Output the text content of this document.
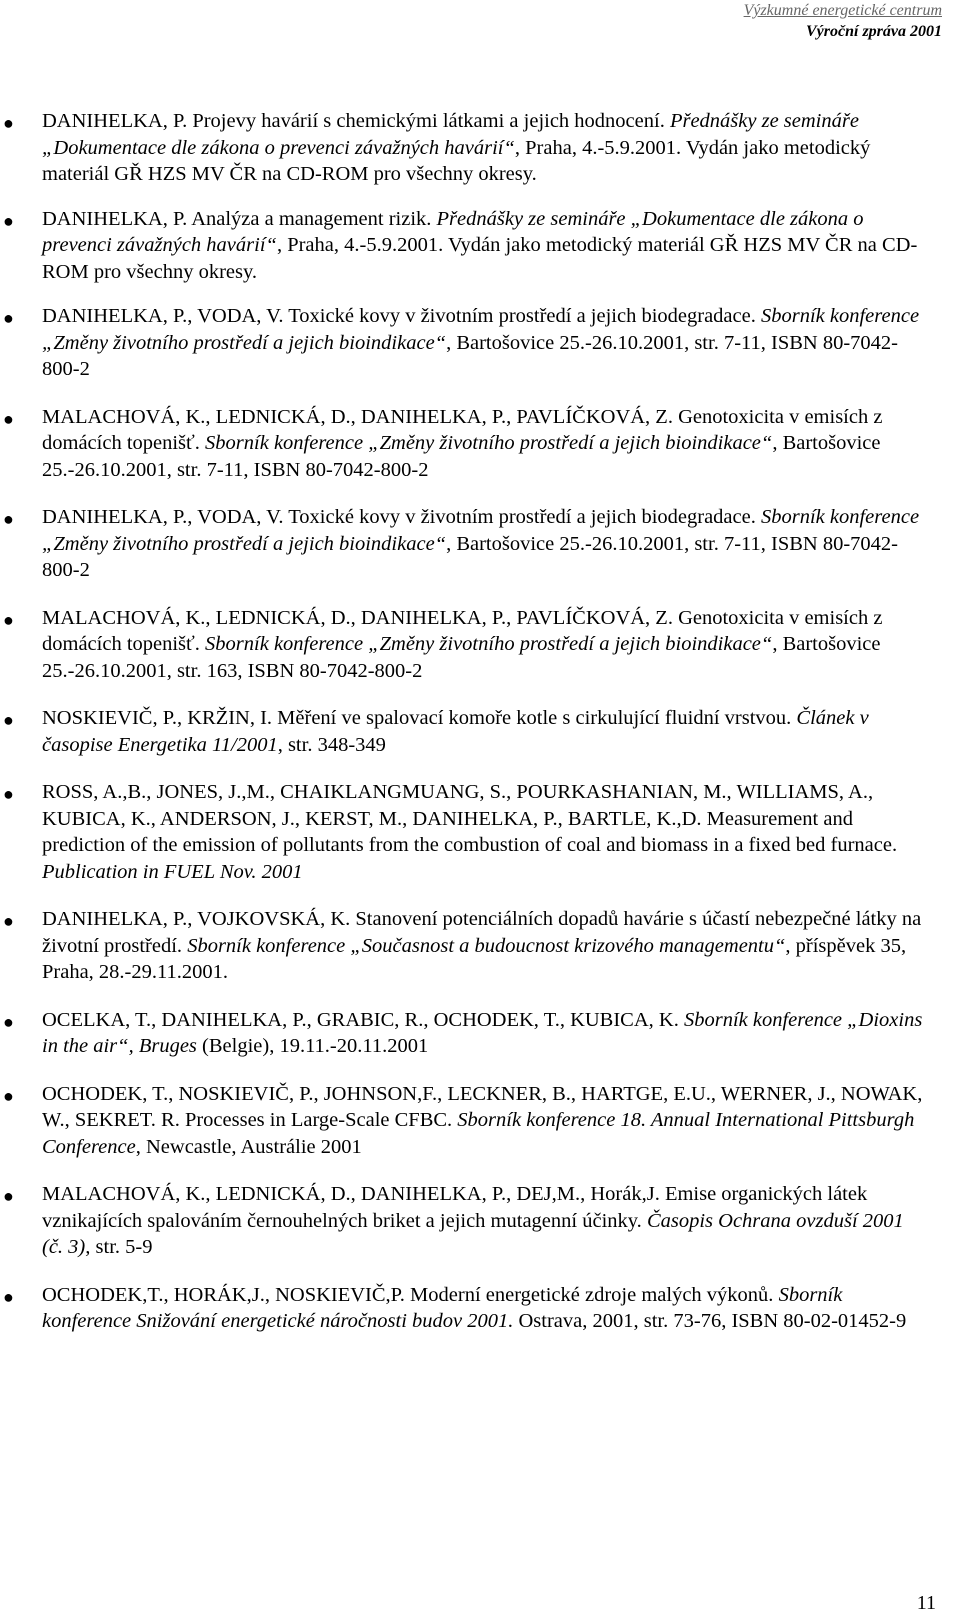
Výzkumné energetické centrum
Výroční zpráva 2001
● DANIHELKA, P. Projevy havárií s chemickými látkami a jejich hodnocení. Přednášky ze semináře „Dokumentace dle zákona o prevenci závažných havárií“, Praha, 4.-5.9.2001. Vydán jako metodický materiál GŘ HZS MV ČR na CD-ROM pro všechny okresy.
● DANIHELKA, P. Analýza a management rizik. Přednášky ze semináře „Dokumentace dle zákona o prevenci závažných havárií“, Praha, 4.-5.9.2001. Vydán jako metodický materiál GŘ HZS MV ČR na CD-ROM pro všechny okresy.
● DANIHELKA, P., VODA, V. Toxické kovy v životním prostředí a jejich biodegradace. Sborník konference „Změny životního prostředí a jejich bioindikace“, Bartošovice 25.-26.10.2001, str. 7-11, ISBN 80-7042-800-2
● MALACHOVÁ, K., LEDNICKÁ, D., DANIHELKA, P., PAVLÍČKOVÁ, Z. Genotoxicita v emisích z domácích topenišť. Sborník konference „Změny životního prostředí a jejich bioindikace“, Bartošovice 25.-26.10.2001, str. 7-11, ISBN 80-7042-800-2
● DANIHELKA, P., VODA, V. Toxické kovy v životním prostředí a jejich biodegradace. Sborník konference „Změny životního prostředí a jejich bioindikace“, Bartošovice 25.-26.10.2001, str. 7-11, ISBN 80-7042-800-2
● MALACHOVÁ, K., LEDNICKÁ, D., DANIHELKA, P., PAVLÍČKOVÁ, Z. Genotoxicita v emisích z domácích topenišť. Sborník konference „Změny životního prostředí a jejich bioindikace“, Bartošovice 25.-26.10.2001, str. 163, ISBN 80-7042-800-2
● NOSKIEVIČ, P., KRŽIN, I. Měření ve spalovací komoře kotle s cirkulující fluidní vrstvou. Článek v časopise Energetika 11/2001, str. 348-349
● ROSS, A.,B., JONES, J.,M., CHAIKLANGMUANG, S., POURKASHANIAN, M., WILLIAMS, A., KUBICA, K., ANDERSON, J., KERST, M., DANIHELKA, P., BARTLE, K.,D. Measurement and prediction of the emission of pollutants from the combustion of coal and biomass in a fixed bed furnace. Publication in FUEL Nov. 2001
● DANIHELKA, P., VOJKOVSKÁ, K. Stanovení potenciálních dopadů havárie s účastí nebezpečné látky na životní prostředí. Sborník konference „Současnost a budoucnost krizového managementu“, příspěvek 35, Praha, 28.-29.11.2001.
● OCELKA, T., DANIHELKA, P., GRABIC, R., OCHODEK, T., KUBICA, K. Sborník konference „Dioxins in the air“, Bruges (Belgie), 19.11.-20.11.2001
● OCHODEK, T., NOSKIEVIČ, P., JOHNSON,F., LECKNER, B., HARTGE, E.U., WERNER, J., NOWAK, W., SEKRET. R. Processes in Large-Scale CFBC. Sborník konference 18. Annual International Pittsburgh Conference, Newcastle, Austrálie 2001
● MALACHOVÁ, K., LEDNICKÁ, D., DANIHELKA, P., DEJ,M., Horák,J. Emise organických látek vznikajících spalováním černouhelných briket a jejich mutagenní účinky. Časopis Ochrana ovzduší 2001 (č. 3), str. 5-9
● OCHODEK,T., HORÁK,J., NOSKIEVIČ,P. Moderní energetické zdroje malých výkonů. Sborník konference Snižování energetické náročnosti budov 2001. Ostrava, 2001, str. 73-76, ISBN 80-02-01452-9
11
